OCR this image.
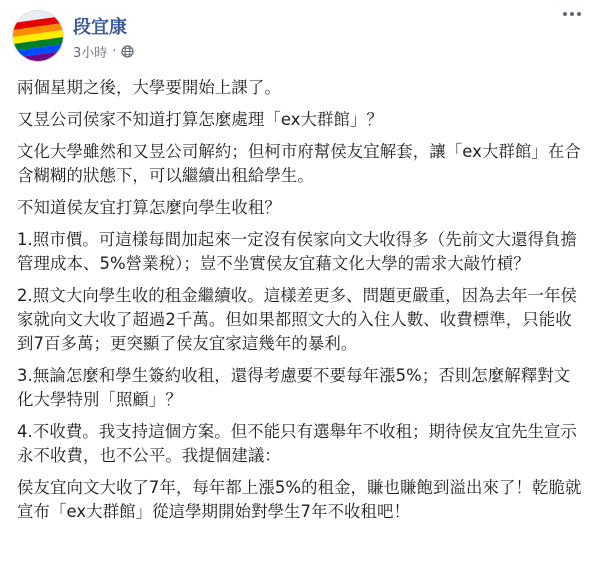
段宜康
3小時 ·

兩個星期之後，大學要開始上課了。

又昱公司侯家不知道打算怎麼處理「ex大群館」？

文化大學雖然和又昱公司解約；但柯市府幫侯友宜解套，讓「ex大群館」在合含糊糊的狀態下，可以繼續出租給學生。

不知道侯友宜打算怎麼向學生收租？

1.照市價。可這樣每間加起來一定沒有侯家向文大收得多（先前文大還得負擔管理成本、5%營業稅）；豈不坐實侯友宜藉文化大學的需求大敲竹槓？

2.照文大向學生收的租金繼續收。這樣差更多、問題更嚴重，因為去年一年侯家就向文大收了超過2千萬。但如果都照文大的入住人數、收費標準，只能收到7百多萬；更突顯了侯友宜家這幾年的暴利。

3.無論怎麼和學生簽約收租，還得考慮要不要每年漲5%；否則怎麼解釋對文化大學特別「照顧」？

4.不收費。我支持這個方案。但不能只有選舉年不收租；期待侯友宜先生宣示永不收費，也不公平。我提個建議：

侯友宜向文大收了7年，每年都上漲5%的租金，賺也賺飽到溢出來了！乾脆就宣布「ex大群館」從這學期開始對學生7年不收租吧！
